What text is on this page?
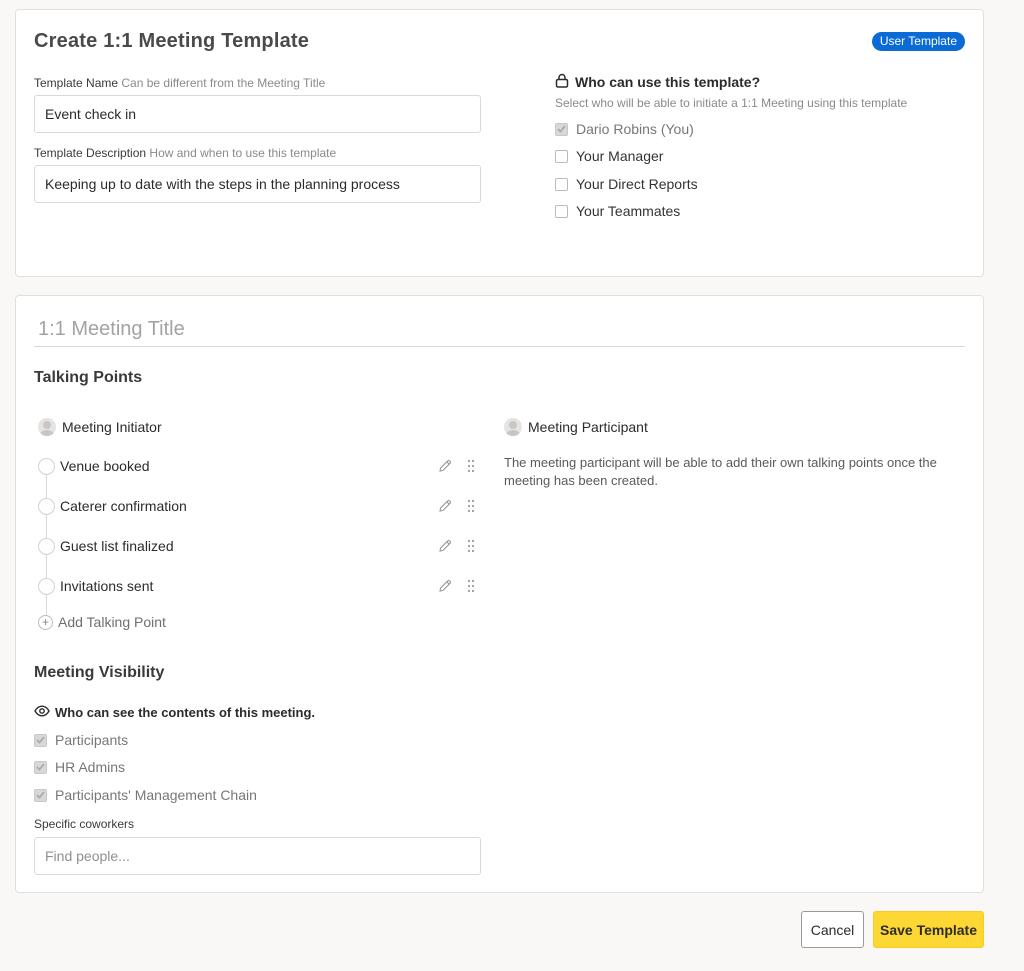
Create 1:1 Meeting Template	User Template
Template Name Can be different from the Meeting Title
Event check in
Template Description How and when to use this template
Keeping up to date with the steps in the planning process
Who can use this template?
Select who will be able to initiate a 1:1 Meeting using this template
Dario Robins (You)
Your Manager
Your Direct Reports
Your Teammates
1:1 Meeting Title
Talking Points
Meeting Initiator
Venue booked
Caterer confirmation
Guest list finalized
Invitations sent
+ Add Talking Point
Meeting Participant
The meeting participant will be able to add their own talking points once the meeting has been created.
Meeting Visibility
Who can see the contents of this meeting.
Participants
HR Admins
Participants' Management Chain
Specific coworkers
Find people...
Cancel	Save Template
